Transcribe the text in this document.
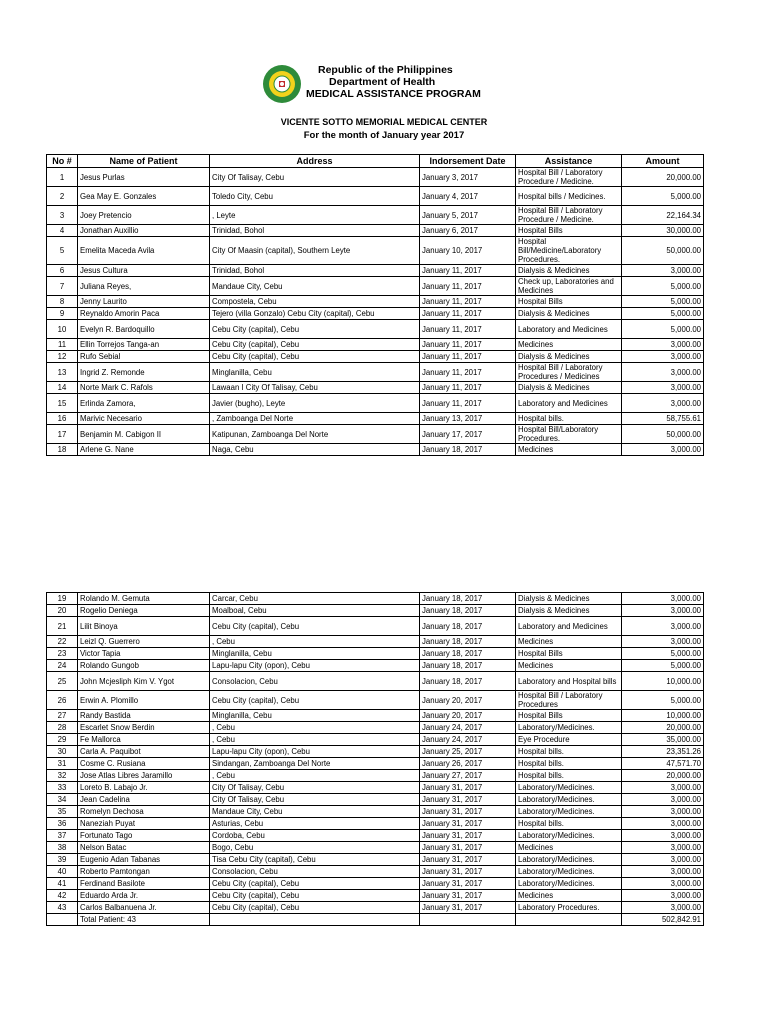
Republic of the Philippines
Department of Health
MEDICAL ASSISTANCE PROGRAM
VICENTE SOTTO MEMORIAL MEDICAL CENTER
For the month of January year 2017
No #	Name of Patient	Address	Indorsement Date	Assistance	Amount
1	Jesus Purlas	City Of Talisay, Cebu	January 3, 2017	Hospital Bill / Laboratory Procedure / Medicine.	20,000.00
2	Gea May E. Gonzales	Toledo City, Cebu	January 4, 2017	Hospital bills / Medicines.	5,000.00
3	Joey Pretencio	, Leyte	January 5, 2017	Hospital Bill / Laboratory Procedure / Medicine.	22,164.34
4	Jonathan Auxillio	Trinidad, Bohol	January 6, 2017	Hospital Bills	30,000.00
5	Emelita Maceda Avila	City Of Maasin (capital), Southern Leyte	January 10, 2017	Hospital Bill/Medicine/Laboratory Procedures.	50,000.00
6	Jesus Cultura	Trinidad, Bohol	January 11, 2017	Dialysis & Medicines	3,000.00
7	Juliana Reyes,	Mandaue City, Cebu	January 11, 2017	Check up, Laboratories and Medicines	5,000.00
8	Jenny Laurito	Compostela, Cebu	January 11, 2017	Hospital Bills	5,000.00
9	Reynaldo Amorin Paca	Tejero (villa Gonzalo) Cebu City (capital), Cebu	January 11, 2017	Dialysis & Medicines	5,000.00
10	Evelyn R. Bardoquillo	Cebu City (capital), Cebu	January 11, 2017	Laboratory and Medicines	5,000.00
11	Ellin Torrejos Tanga-an	Cebu City (capital), Cebu	January 11, 2017	Medicines	3,000.00
12	Rufo Sebial	Cebu City (capital), Cebu	January 11, 2017	Dialysis & Medicines	3,000.00
13	Ingrid Z. Remonde	Minglanilla, Cebu	January 11, 2017	Hospital Bill / Laboratory Procedures / Medicines	3,000.00
14	Norte Mark C. Rafols	Lawaan I City Of Talisay, Cebu	January 11, 2017	Dialysis & Medicines	3,000.00
15	Erlinda Zamora,	Javier (bugho), Leyte	January 11, 2017	Laboratory and Medicines	3,000.00
16	Marivic Necesario	, Zamboanga Del Norte	January 13, 2017	Hospital bills.	58,755.61
17	Benjamin M. Cabigon II	Katipunan, Zamboanga Del Norte	January 17, 2017	Hospital Bill/Laboratory Procedures.	50,000.00
18	Arlene G. Nane	Naga, Cebu	January 18, 2017	Medicines	3,000.00
19	Rolando M. Gemuta	Carcar, Cebu	January 18, 2017	Dialysis & Medicines	3,000.00
20	Rogelio Deniega	Moalboal, Cebu	January 18, 2017	Dialysis & Medicines	3,000.00
21	Lilit Binoya	Cebu City (capital), Cebu	January 18, 2017	Laboratory and Medicines	3,000.00
22	Leizl Q. Guerrero	, Cebu	January 18, 2017	Medicines	3,000.00
23	Victor Tapia	Minglanilla, Cebu	January 18, 2017	Hospital Bills	5,000.00
24	Rolando Gungob	Lapu-lapu City (opon), Cebu	January 18, 2017	Medicines	5,000.00
25	John Mcjesliph Kim V. Ygot	Consolacion, Cebu	January 18, 2017	Laboratory and Hospital bills	10,000.00
26	Erwin A. Plomillo	Cebu City (capital), Cebu	January 20, 2017	Hospital Bill / Laboratory Procedures	5,000.00
27	Randy Bastida	Minglanilla, Cebu	January 20, 2017	Hospital Bills	10,000.00
28	Escarlet Snow Berdin	, Cebu	January 24, 2017	Laboratory/Medicines.	20,000.00
29	Fe Mallorca	, Cebu	January 24, 2017	Eye Procedure	35,000.00
30	Carla A. Paquibot	Lapu-lapu City (opon), Cebu	January 25, 2017	Hospital bills.	23,351.26
31	Cosme C. Rusiana	Sindangan, Zamboanga Del Norte	January 26, 2017	Hospital bills.	47,571.70
32	Jose Atlas Libres Jaramillo	, Cebu	January 27, 2017	Hospital bills.	20,000.00
33	Loreto B. Labajo Jr.	City Of Talisay, Cebu	January 31, 2017	Laboratory/Medicines.	3,000.00
34	Jean Cadelina	City Of Talisay, Cebu	January 31, 2017	Laboratory/Medicines.	3,000.00
35	Romelyn Dechosa	Mandaue City, Cebu	January 31, 2017	Laboratory/Medicines.	3,000.00
36	Naneziah Puyat	Asturias, Cebu	January 31, 2017	Hospital bills.	3,000.00
37	Fortunato Tago	Cordoba, Cebu	January 31, 2017	Laboratory/Medicines.	3,000.00
38	Nelson Batac	Bogo, Cebu	January 31, 2017	Medicines	3,000.00
39	Eugenio Adan Tabanas	Tisa Cebu City (capital), Cebu	January 31, 2017	Laboratory/Medicines.	3,000.00
40	Roberto Pamtongan	Consolacion, Cebu	January 31, 2017	Laboratory/Medicines.	3,000.00
41	Ferdinand Basilote	Cebu City (capital), Cebu	January 31, 2017	Laboratory/Medicines.	3,000.00
42	Eduardo Arda Jr.	Cebu City (capital), Cebu	January 31, 2017	Medicines	3,000.00
43	Carlos Balbanuena Jr.	Cebu City (capital), Cebu	January 31, 2017	Laboratory Procedures.	3,000.00
	Total Patient: 43				502,842.91
